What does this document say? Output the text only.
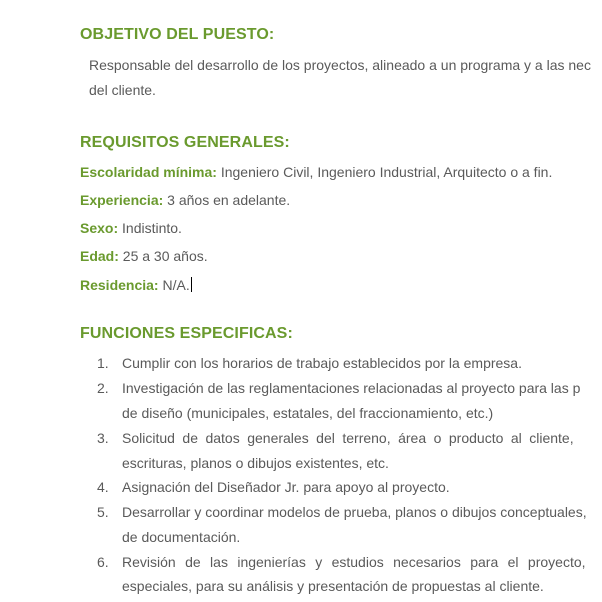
OBJETIVO DEL PUESTO:
Responsable del desarrollo de los proyectos, alineado a un programa y a las nec
del cliente.
REQUISITOS GENERALES:
Escolaridad mínima: Ingeniero Civil, Ingeniero Industrial, Arquitecto o a fin.
Experiencia: 3 años en adelante.
Sexo: Indistinto.
Edad: 25 a 30 años.
Residencia: N/A.
FUNCIONES ESPECIFICAS:
1. Cumplir con los horarios de trabajo establecidos por la empresa.
2. Investigación de las reglamentaciones relacionadas al proyecto para las p
de diseño (municipales, estatales, del fraccionamiento, etc.)
3. Solicitud de datos generales del terreno, área o producto al cliente,
escrituras, planos o dibujos existentes, etc.
4. Asignación del Diseñador Jr. para apoyo al proyecto.
5. Desarrollar y coordinar modelos de prueba, planos o dibujos conceptuales,
de documentación.
6. Revisión de las ingenierías y estudios necesarios para el proyecto,
especiales, para su análisis y presentación de propuestas al cliente.
